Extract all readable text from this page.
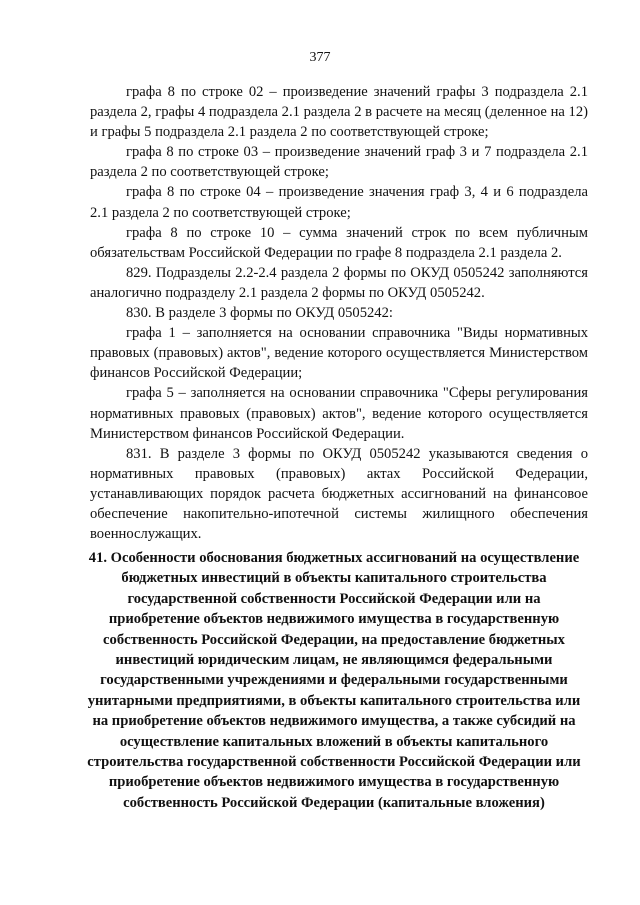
377

графа 8 по строке 02 – произведение значений графы 3 подраздела 2.1 раздела 2, графы 4 подраздела 2.1 раздела 2 в расчете на месяц (деленное на 12) и графы 5 подраздела 2.1 раздела 2 по соответствующей строке;

графа 8 по строке 03 – произведение значений граф 3 и 7 подраздела 2.1 раздела 2 по соответствующей строке;

графа 8 по строке 04 – произведение значения граф 3, 4 и 6 подраздела 2.1 раздела 2 по соответствующей строке;

графа 8 по строке 10 – сумма значений строк по всем публичным обязательствам Российской Федерации по графе 8 подраздела 2.1 раздела 2.

829. Подразделы 2.2-2.4 раздела 2 формы по ОКУД 0505242 заполняются аналогично подразделу 2.1 раздела 2 формы по ОКУД 0505242.

830. В разделе 3 формы по ОКУД 0505242:

графа 1 – заполняется на основании справочника "Виды нормативных правовых (правовых) актов", ведение которого осуществляется Министерством финансов Российской Федерации;

графа 5 – заполняется на основании справочника "Сферы регулирования нормативных правовых (правовых) актов", ведение которого осуществляется Министерством финансов Российской Федерации.

831. В разделе 3 формы по ОКУД 0505242 указываются сведения о нормативных правовых (правовых) актах Российской Федерации, устанавливающих порядок расчета бюджетных ассигнований на финансовое обеспечение накопительно-ипотечной системы жилищного обеспечения военнослужащих.

41. Особенности обоснования бюджетных ассигнований на осуществление бюджетных инвестиций в объекты капитального строительства государственной собственности Российской Федерации или на приобретение объектов недвижимого имущества в государственную собственность Российской Федерации, на предоставление бюджетных инвестиций юридическим лицам, не являющимся федеральными государственными учреждениями и федеральными государственными унитарными предприятиями, в объекты капитального строительства или на приобретение объектов недвижимого имущества, а также субсидий на осуществление капитальных вложений в объекты капитального строительства государственной собственности Российской Федерации или приобретение объектов недвижимого имущества в государственную собственность Российской Федерации (капитальные вложения)
